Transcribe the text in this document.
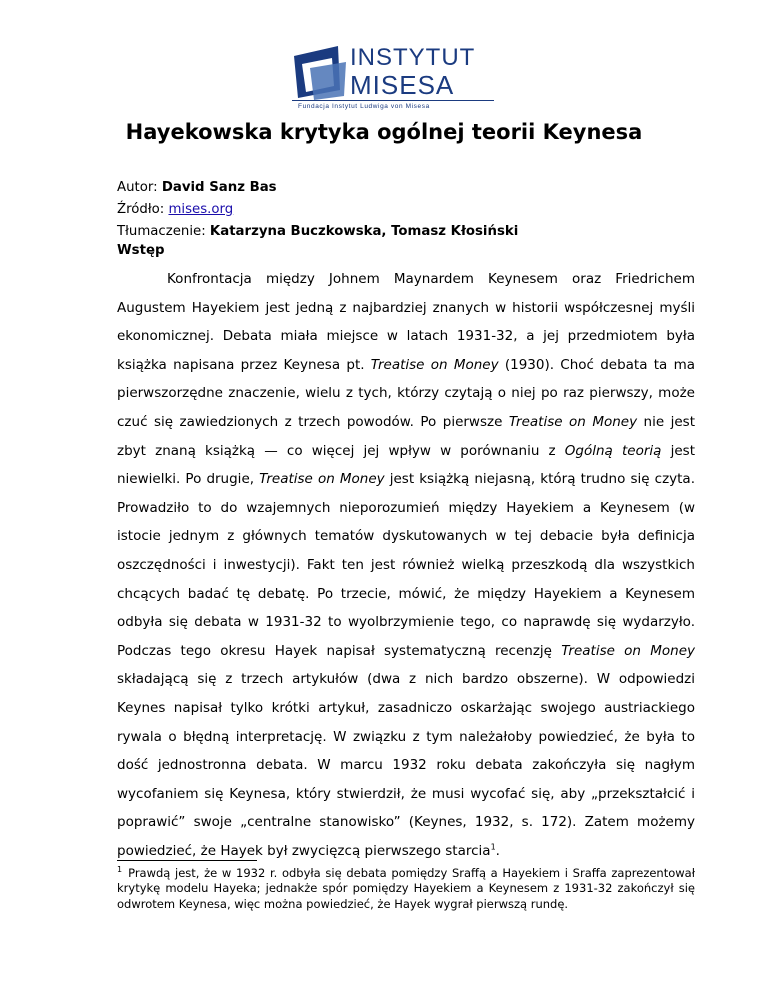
INSTYTUT
MISESA
Fundacja Instytut Ludwiga von Misesa
Hayekowska krytyka ogólnej teorii Keynesa
Autor: David Sanz Bas
Źródło: mises.org
Tłumaczenie: Katarzyna Buczkowska, Tomasz Kłosiński
Wstęp

Konfrontacja między Johnem Maynardem Keynesem oraz Friedrichem Augustem Hayekiem jest jedną z najbardziej znanych w historii współczesnej myśli ekonomicznej. Debata miała miejsce w latach 1931-32, a jej przedmiotem była książka napisana przez Keynesa pt. Treatise on Money (1930). Choć debata ta ma pierwszorzędne znaczenie, wielu z tych, którzy czytają o niej po raz pierwszy, może czuć się zawiedzionych z trzech powodów. Po pierwsze Treatise on Money nie jest zbyt znaną książką — co więcej jej wpływ w porównaniu z Ogólną teorią jest niewielki. Po drugie, Treatise on Money jest książką niejasną, którą trudno się czyta. Prowadziło to do wzajemnych nieporozumień między Hayekiem a Keynesem (w istocie jednym z głównych tematów dyskutowanych w tej debacie była definicja oszczędności i inwestycji). Fakt ten jest również wielką przeszkodą dla wszystkich chcących badać tę debatę. Po trzecie, mówić, że między Hayekiem a Keynesem odbyła się debata w 1931-32 to wyolbrzymienie tego, co naprawdę się wydarzyło. Podczas tego okresu Hayek napisał systematyczną recenzję Treatise on Money składającą się z trzech artykułów (dwa z nich bardzo obszerne). W odpowiedzi Keynes napisał tylko krótki artykuł, zasadniczo oskarżając swojego austriackiego rywala o błędną interpretację. W związku z tym należałoby powiedzieć, że była to dość jednostronna debata. W marcu 1932 roku debata zakończyła się nagłym wycofaniem się Keynesa, który stwierdził, że musi wycofać się, aby „przekształcić i poprawić” swoje „centralne stanowisko” (Keynes, 1932, s. 172). Zatem możemy powiedzieć, że Hayek był zwycięzcą pierwszego starcia$^1$.

$^1$ Prawdą jest, że w 1932 r. odbyła się debata pomiędzy Sraffą a Hayekiem i Sraffa zaprezentował krytykę modelu Hayeka; jednakże spór pomiędzy Hayekiem a Keynesem z 1931-32 zakończył się odwrotem Keynesa, więc można powiedzieć, że Hayek wygrał pierwszą rundę.
